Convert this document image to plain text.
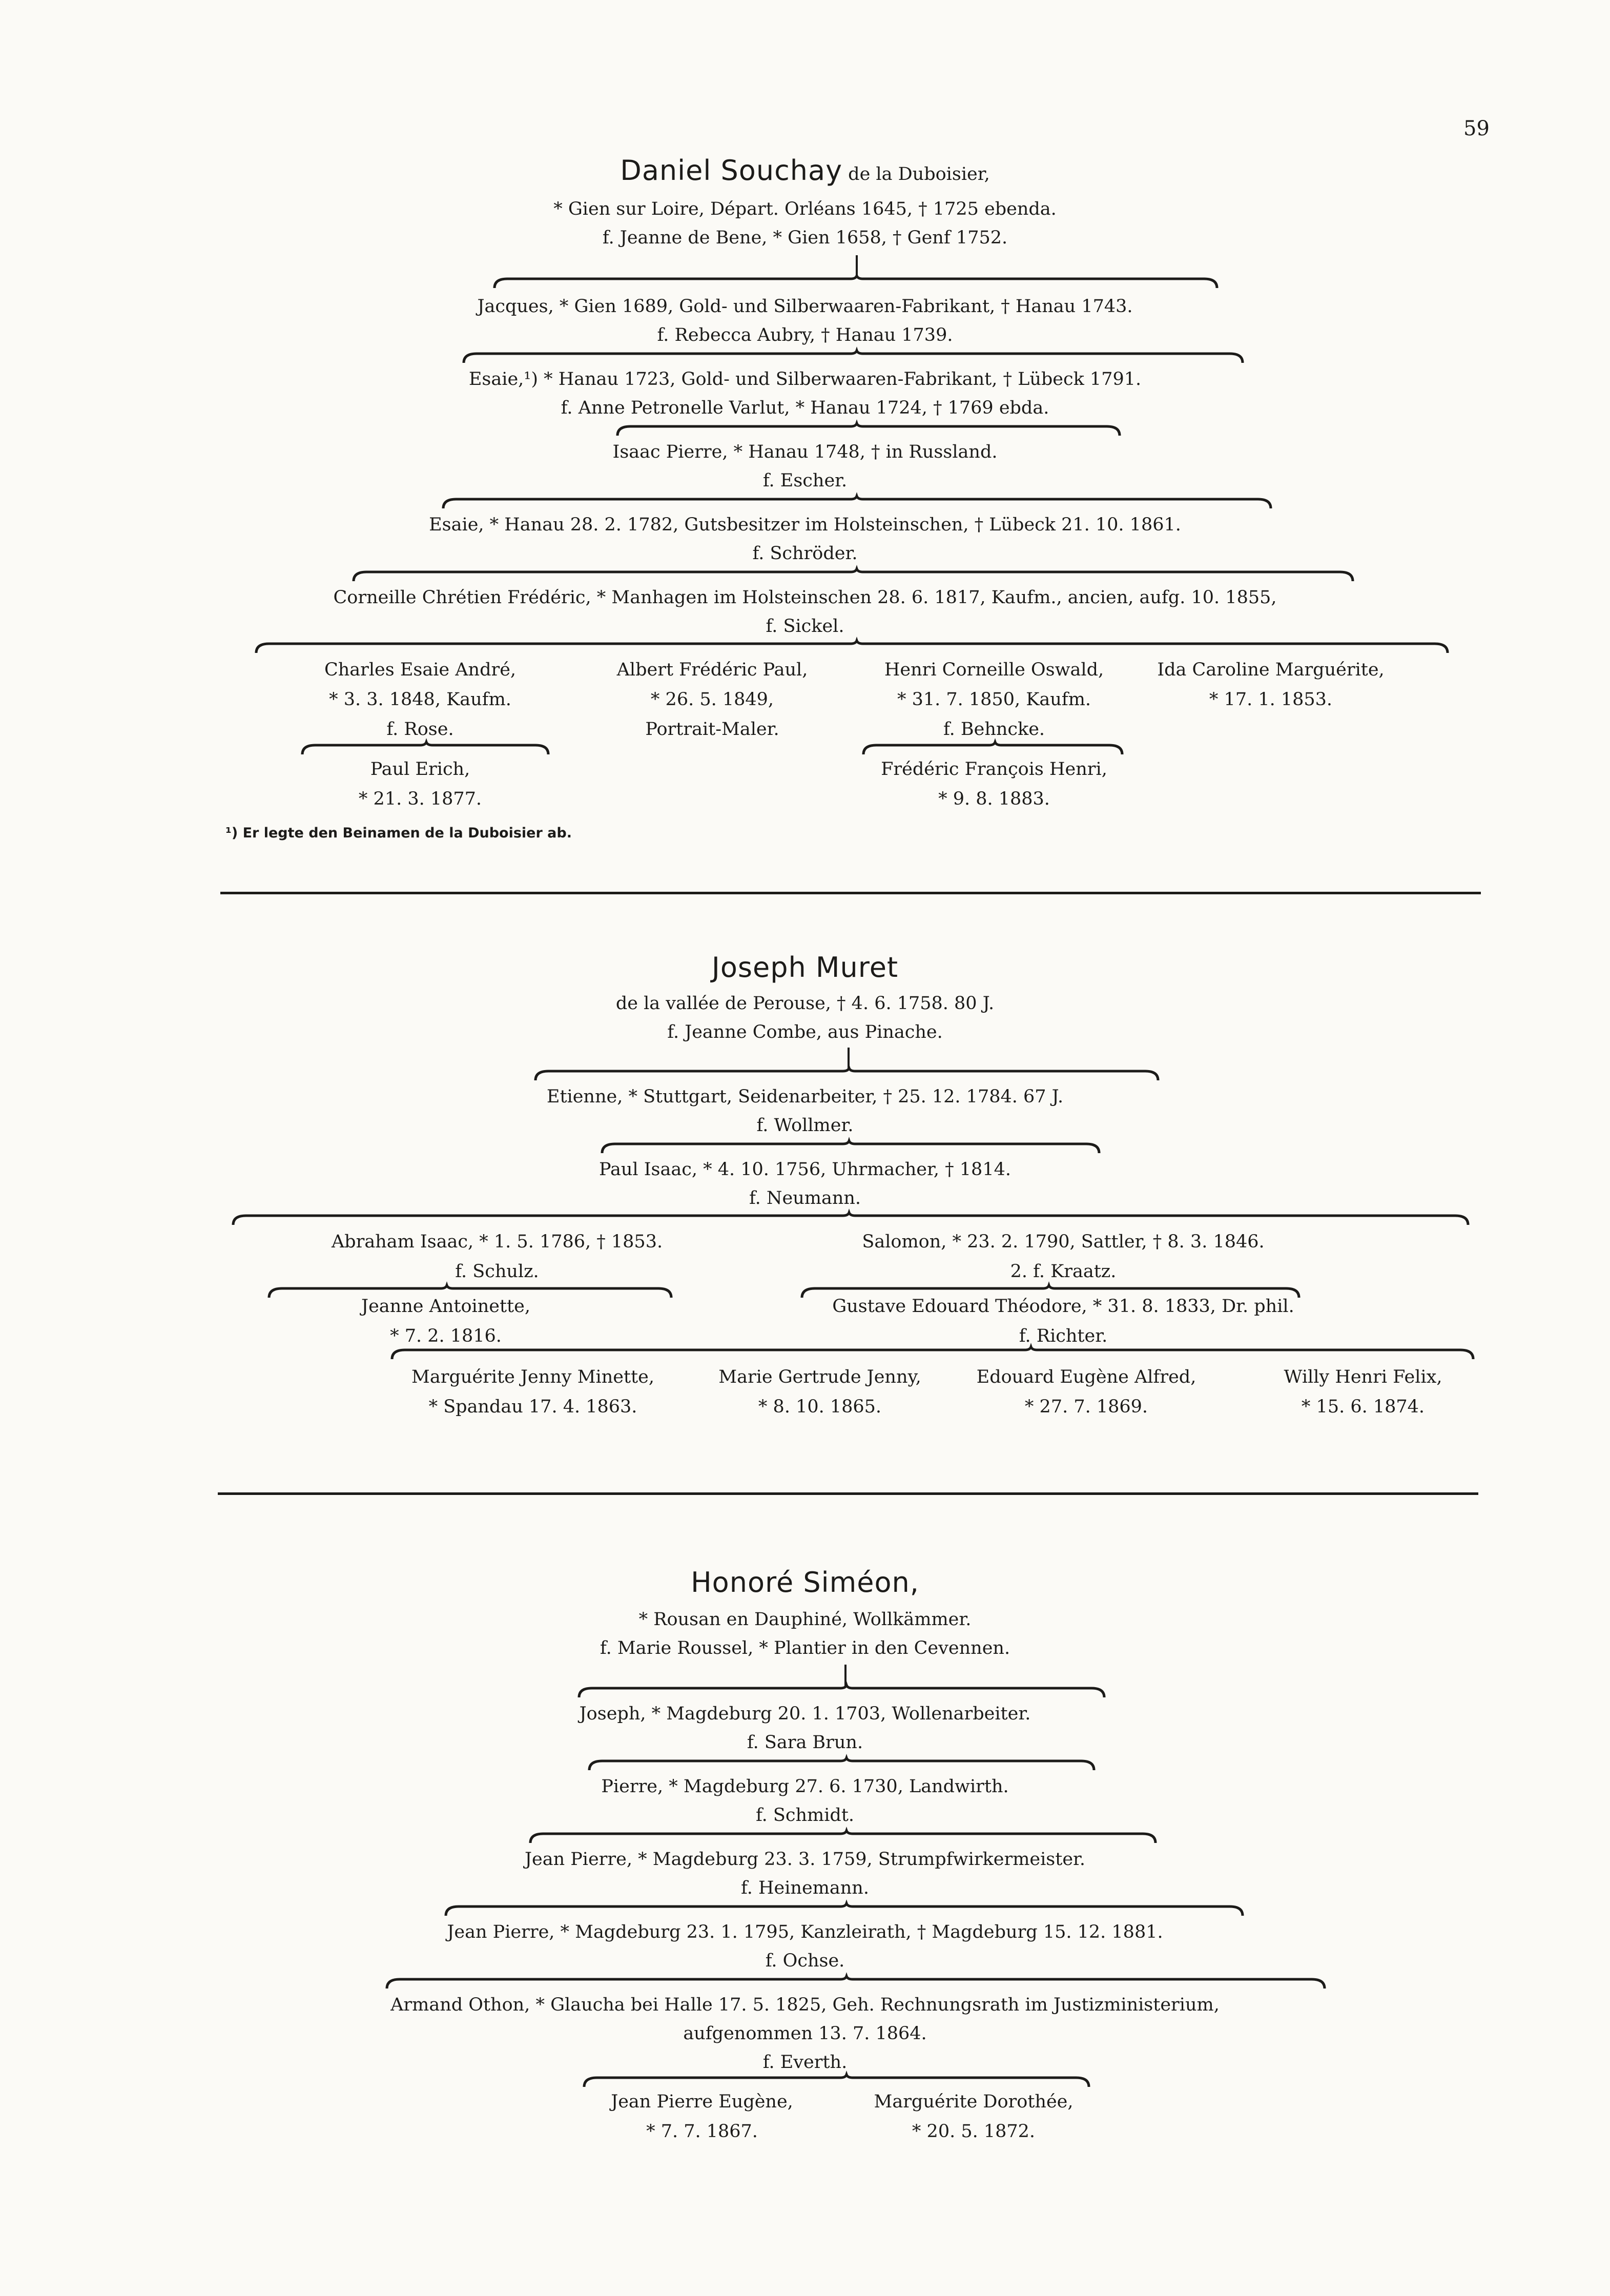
59
Daniel Souchay de la Duboisier,
* Gien sur Loire, Départ. Orléans 1645, † 1725 ebenda.
f. Jeanne de Bene, * Gien 1658, † Genf 1752.
Jacques, * Gien 1689, Gold- und Silberwaaren-Fabrikant, † Hanau 1743.
f. Rebecca Aubry, † Hanau 1739.
Esaie,¹) * Hanau 1723, Gold- und Silberwaaren-Fabrikant, † Lübeck 1791.
f. Anne Petronelle Varlut, * Hanau 1724, † 1769 ebda.
Isaac Pierre, * Hanau 1748, † in Russland.
f. Escher.
Esaie, * Hanau 28. 2. 1782, Gutsbesitzer im Holsteinschen, † Lübeck 21. 10. 1861.
f. Schröder.
Corneille Chrétien Frédéric, * Manhagen im Holsteinschen 28. 6. 1817, Kaufm., ancien, aufg. 10. 1855,
f. Sickel.
Charles Esaie André,
* 3. 3. 1848, Kaufm.
f. Rose.
Paul Erich,
* 21. 3. 1877.
Albert Frédéric Paul,
* 26. 5. 1849,
Portrait-Maler.
Henri Corneille Oswald,
* 31. 7. 1850, Kaufm.
f. Behncke.
Frédéric François Henri,
* 9. 8. 1883.
Ida Caroline Marguérite,
* 17. 1. 1853.
¹) Er legte den Beinamen de la Duboisier ab.
Joseph Muret
de la vallée de Perouse, † 4. 6. 1758. 80 J.
f. Jeanne Combe, aus Pinache.
Etienne, * Stuttgart, Seidenarbeiter, † 25. 12. 1784. 67 J.
f. Wollmer.
Paul Isaac, * 4. 10. 1756, Uhrmacher, † 1814.
f. Neumann.
Abraham Isaac, * 1. 5. 1786, † 1853.
f. Schulz.
Jeanne Antoinette,
* 7. 2. 1816.
Salomon, * 23. 2. 1790, Sattler, † 8. 3. 1846.
2. f. Kraatz.
Gustave Edouard Théodore, * 31. 8. 1833, Dr. phil.
f. Richter.
Marguérite Jenny Minette,
* Spandau 17. 4. 1863.
Marie Gertrude Jenny,
* 8. 10. 1865.
Edouard Eugène Alfred,
* 27. 7. 1869.
Willy Henri Felix,
* 15. 6. 1874.
Honoré Siméon,
* Rousan en Dauphiné, Wollkämmer.
f. Marie Roussel, * Plantier in den Cevennen.
Joseph, * Magdeburg 20. 1. 1703, Wollenarbeiter.
f. Sara Brun.
Pierre, * Magdeburg 27. 6. 1730, Landwirth.
f. Schmidt.
Jean Pierre, * Magdeburg 23. 3. 1759, Strumpfwirkermeister.
f. Heinemann.
Jean Pierre, * Magdeburg 23. 1. 1795, Kanzleirath, † Magdeburg 15. 12. 1881.
f. Ochse.
Armand Othon, * Glaucha bei Halle 17. 5. 1825, Geh. Rechnungsrath im Justizministerium,
aufgenommen 13. 7. 1864.
f. Everth.
Jean Pierre Eugène,
* 7. 7. 1867.
Marguérite Dorothée,
* 20. 5. 1872.
